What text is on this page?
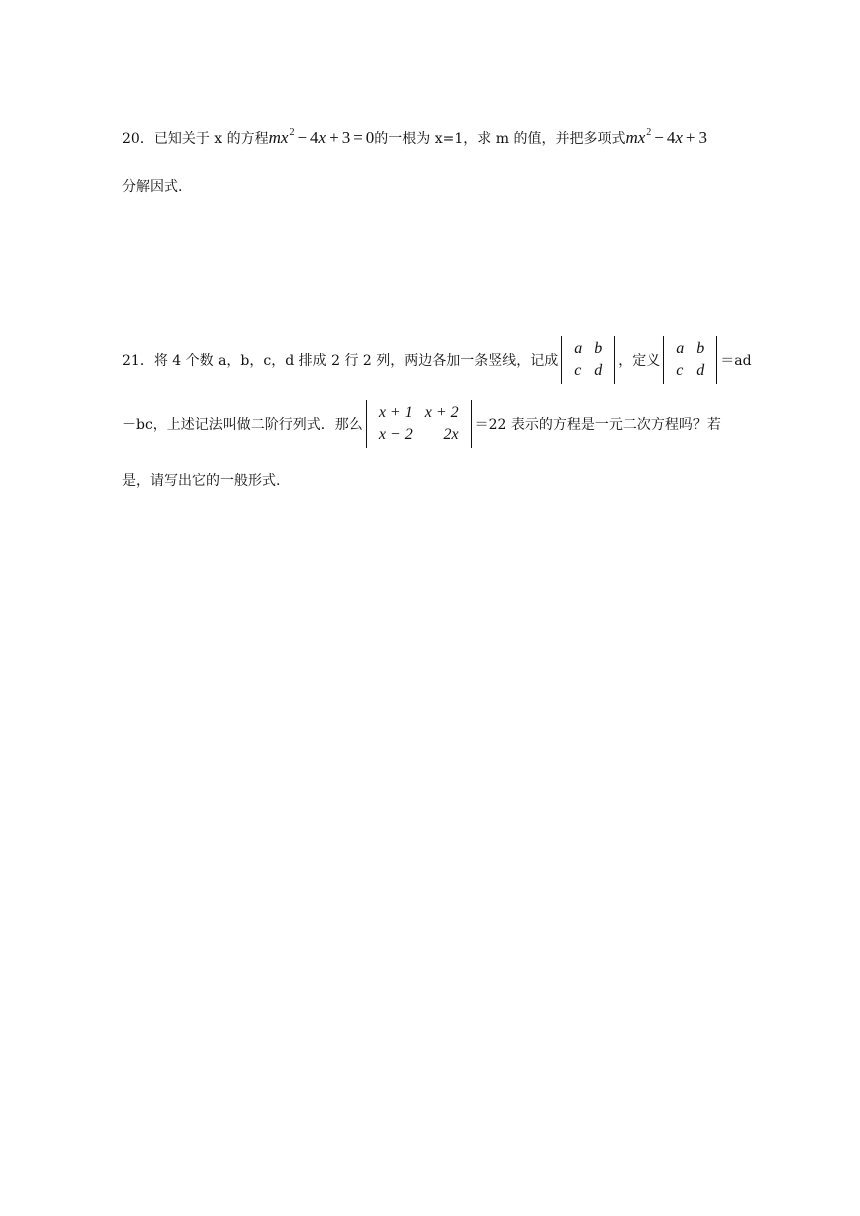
20． 已知关于 x 的方程 $mx^2 - 4x + 3 = 0$ 的一根为 x=1，求 m 的值，并把多项式 $mx^2 - 4x + 3$
分解因式.
21． 将 4 个数 a，b，c，d 排成 2 行 2 列，两边各加一条竖线，记成
a	b
c	d
，定义
a	b
c	d
＝ad
－bc，上述记法叫做二阶行列式．那么
x + 1	x + 2
x − 2	2x
＝22 表示的方程是一元二次方程吗？若
是，请写出它的一般形式.
